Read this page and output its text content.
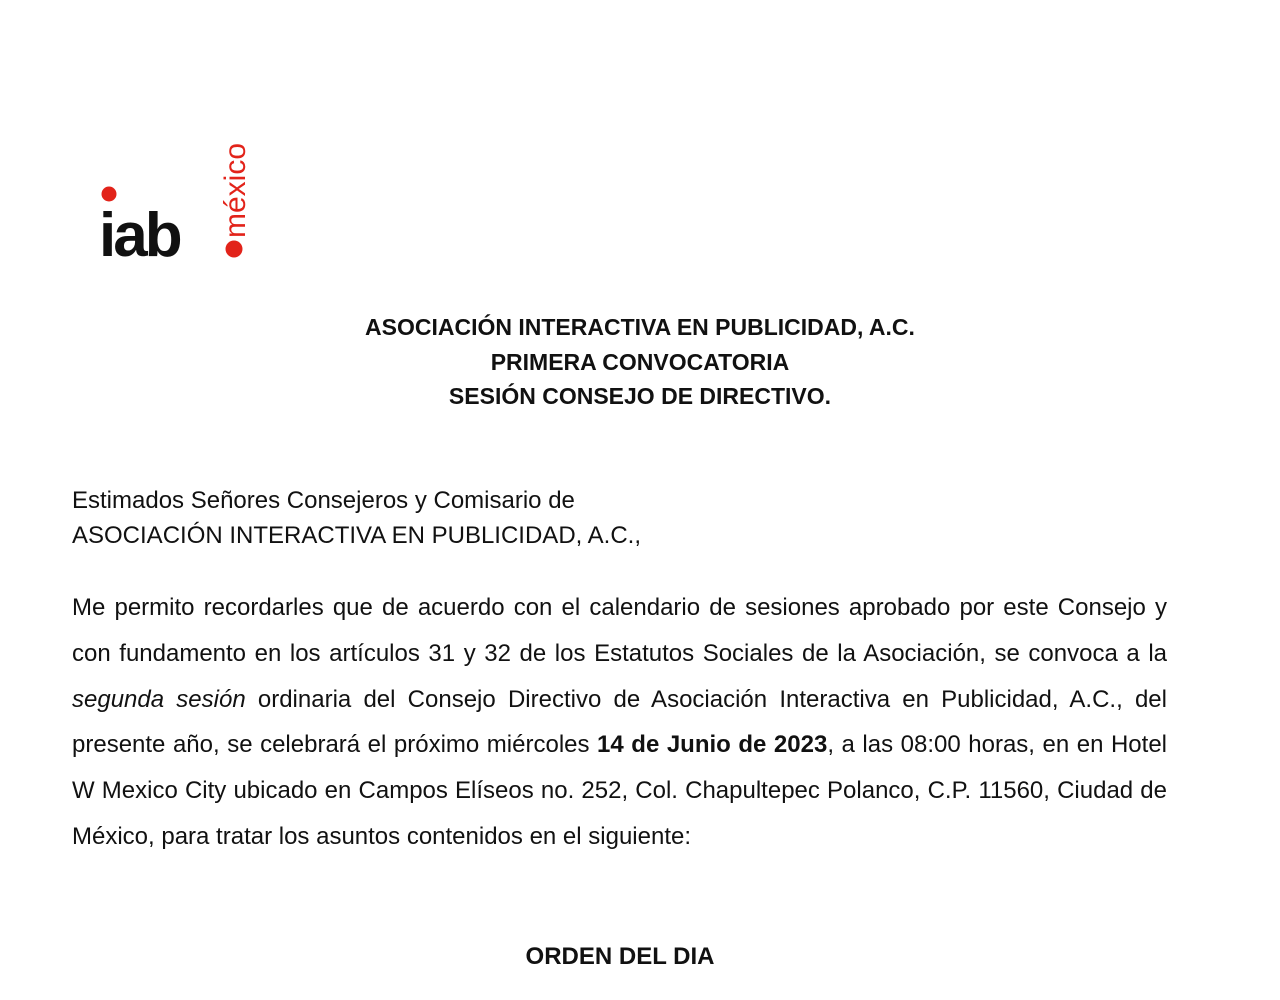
iab méxico
ASOCIACIÓN INTERACTIVA EN PUBLICIDAD, A.C.
PRIMERA CONVOCATORIA
SESIÓN CONSEJO DE DIRECTIVO.
Estimados Señores Consejeros y Comisario de
ASOCIACIÓN INTERACTIVA EN PUBLICIDAD, A.C.,
Me permito recordarles que de acuerdo con el calendario de sesiones aprobado por este Consejo y con fundamento en los artículos 31 y 32 de los Estatutos Sociales de la Asociación, se convoca a la segunda sesión ordinaria del Consejo Directivo de Asociación Interactiva en Publicidad, A.C., del presente año, se celebrará el próximo miércoles 14 de Junio de 2023, a las 08:00 horas, en en Hotel W Mexico City ubicado en Campos Elíseos no. 252, Col. Chapultepec Polanco, C.P. 11560, Ciudad de México, para tratar los asuntos contenidos en el siguiente:
ORDEN DEL DIA
